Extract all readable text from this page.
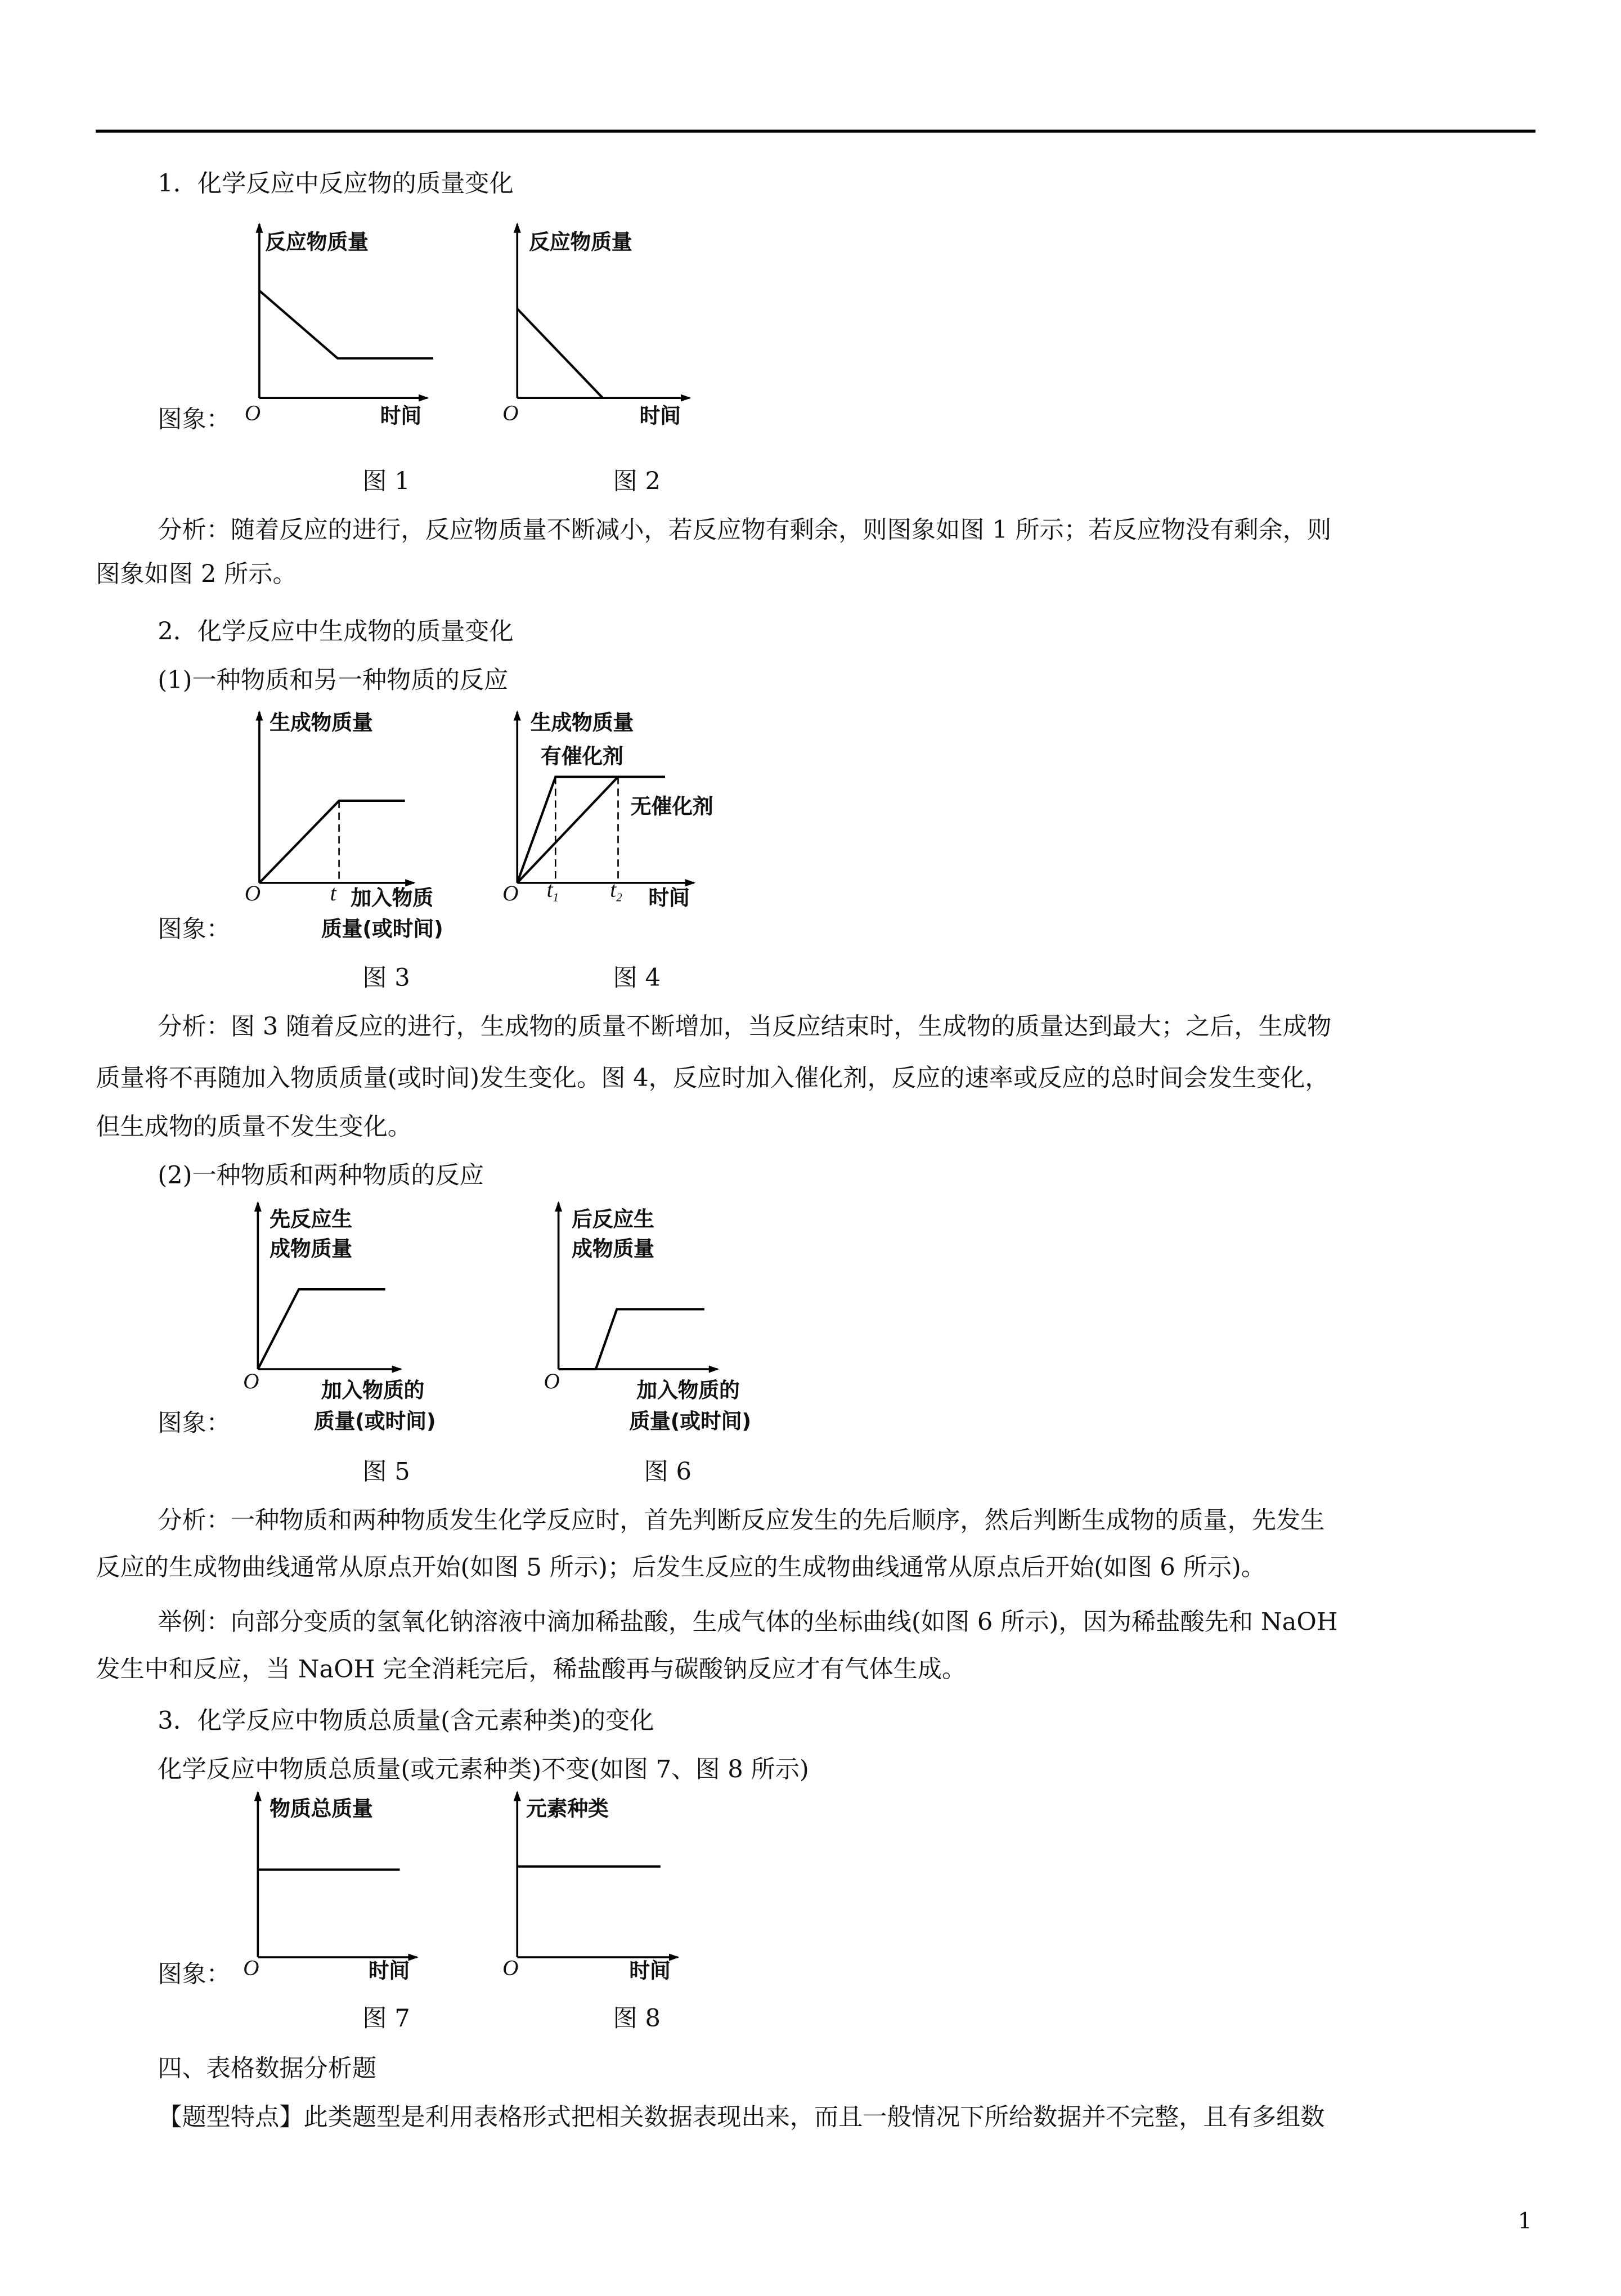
1．化学反应中反应物的质量变化
反应物质量
O	时间
图象：
反应物质量
O	时间
图 1	图 2
分析：随着反应的进行，反应物质量不断减小，若反应物有剩余，则图象如图 1 所示；若反应物没有剩余，则
图象如图 2 所示。
2．化学反应中生成物的质量变化
(1)一种物质和另一种物质的反应
生成物质量
O	t 加入物质
质量(或时间)
图象：
生成物质量
有催化剂
无催化剂
O	$t_1$	$t_2$	时间
图 3	图 4
分析：图 3 随着反应的进行，生成物的质量不断增加，当反应结束时，生成物的质量达到最大；之后，生成物
质量将不再随加入物质质量(或时间)发生变化。图 4，反应时加入催化剂，反应的速率或反应的总时间会发生变化，
但生成物的质量不发生变化。
(2)一种物质和两种物质的反应
先反应生
成物质量
O	加入物质的
质量(或时间)
图象：
后反应生
成物质量
O	加入物质的
质量(或时间)
图 5	图 6
分析：一种物质和两种物质发生化学反应时，首先判断反应发生的先后顺序，然后判断生成物的质量，先发生
反应的生成物曲线通常从原点开始(如图 5 所示)；后发生反应的生成物曲线通常从原点后开始(如图 6 所示)。
举例：向部分变质的氢氧化钠溶液中滴加稀盐酸，生成气体的坐标曲线(如图 6 所示)，因为稀盐酸先和 NaOH
发生中和反应，当 NaOH 完全消耗完后，稀盐酸再与碳酸钠反应才有气体生成。
3．化学反应中物质总质量(含元素种类)的变化
化学反应中物质总质量(或元素种类)不变(如图 7、图 8 所示)
物质总质量
O	时间
图象：
元素种类
O	时间
图 7	图 8
四、表格数据分析题
【题型特点】此类题型是利用表格形式把相关数据表现出来，而且一般情况下所给数据并不完整，且有多组数
1
